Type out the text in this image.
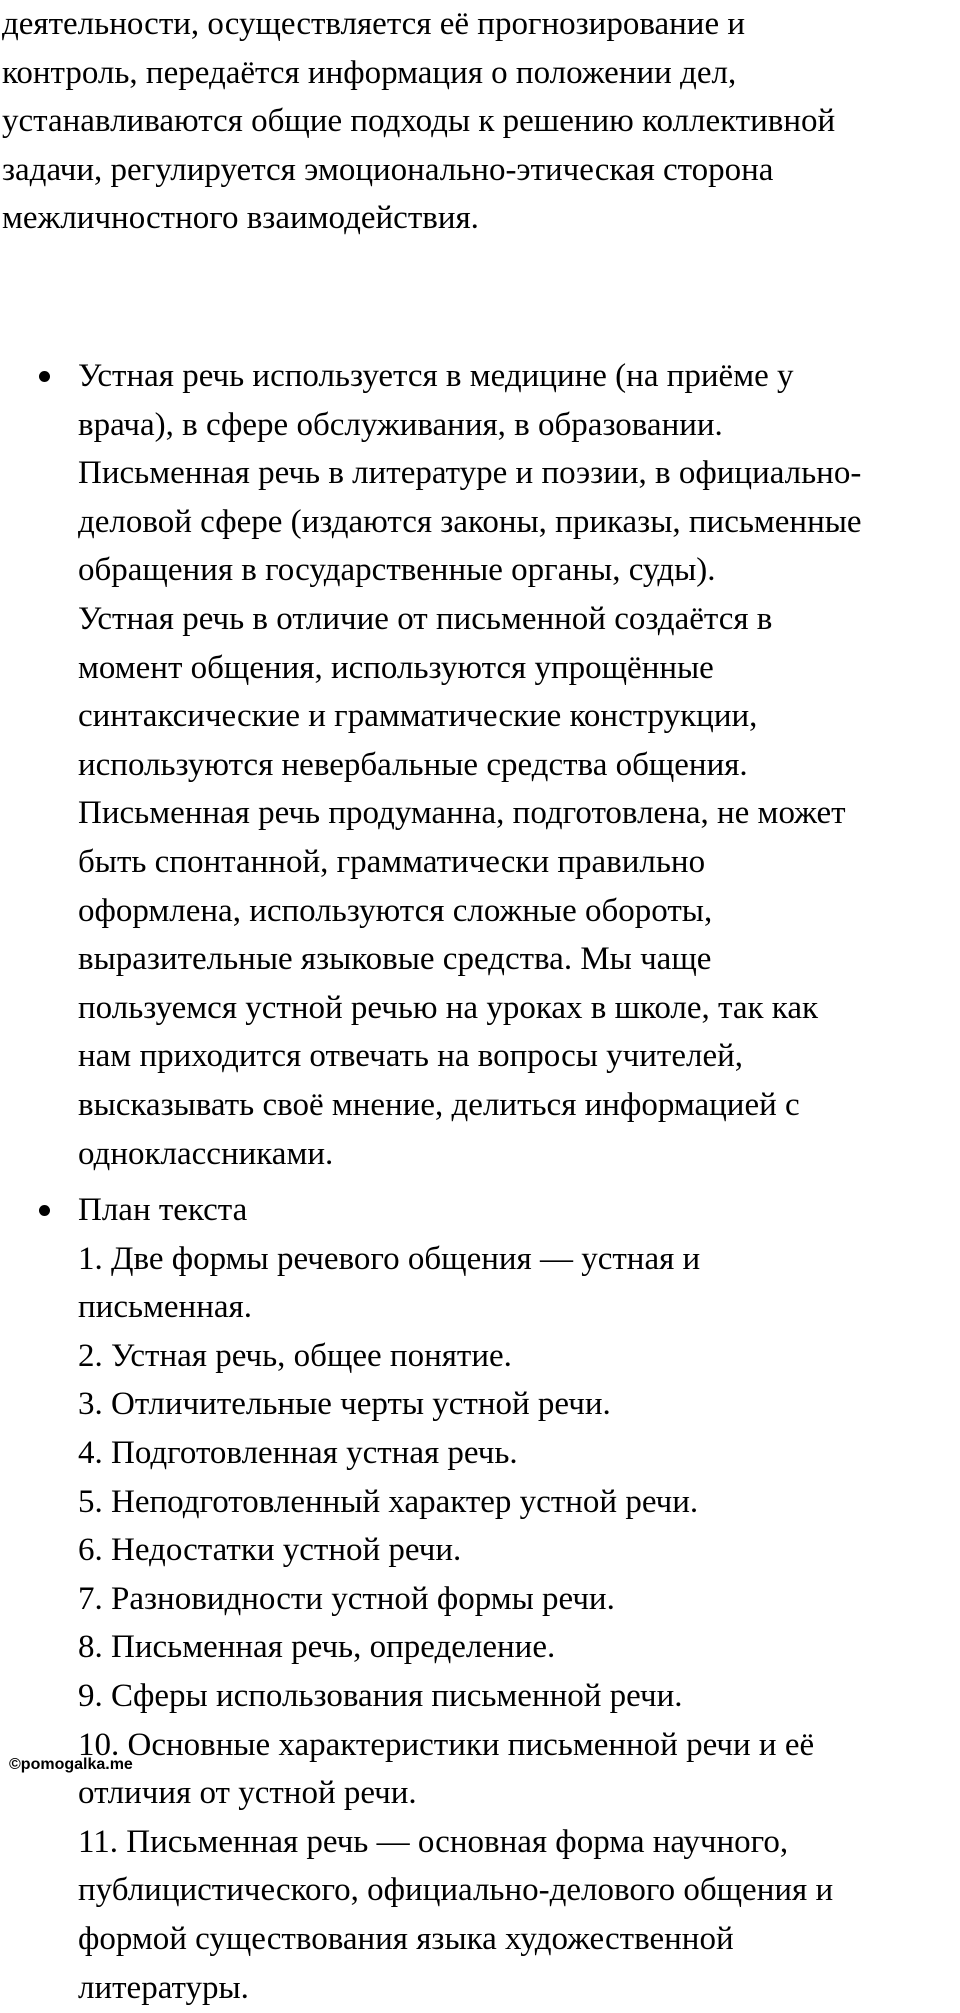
деятельности, осуществляется её прогнозирование и
контроль, передаётся информация о положении дел,
устанавливаются общие подходы к решению коллективной
задачи, регулируется эмоционально-этическая сторона
межличностного взаимодействия.
Устная речь используется в медицине (на приёме у
врача), в сфере обслуживания, в образовании.
Письменная речь в литературе и поэзии, в официально-
деловой сфере (издаются законы, приказы, письменные
обращения в государственные органы, суды).
Устная речь в отличие от письменной создаётся в
момент общения, используются упрощённые
синтаксические и грамматические конструкции,
используются невербальные средства общения.
Письменная речь продуманна, подготовлена, не может
быть спонтанной, грамматически правильно
оформлена, используются сложные обороты,
выразительные языковые средства. Мы чаще
пользуемся устной речью на уроках в школе, так как
нам приходится отвечать на вопросы учителей,
высказывать своё мнение, делиться информацией с
одноклассниками.
План текста
1. Две формы речевого общения — устная и
письменная.
2. Устная речь, общее понятие.
3. Отличительные черты устной речи.
4. Подготовленная устная речь.
5. Неподготовленный характер устной речи.
6. Недостатки устной речи.
7. Разновидности устной формы речи.
8. Письменная речь, определение.
9. Сферы использования письменной речи.
10. Основные характеристики письменной речи и её
отличия от устной речи.
11. Письменная речь — основная форма научного,
публицистического, официально-делового общения и
формой существования языка художественной
литературы.
©pomogalka.me
